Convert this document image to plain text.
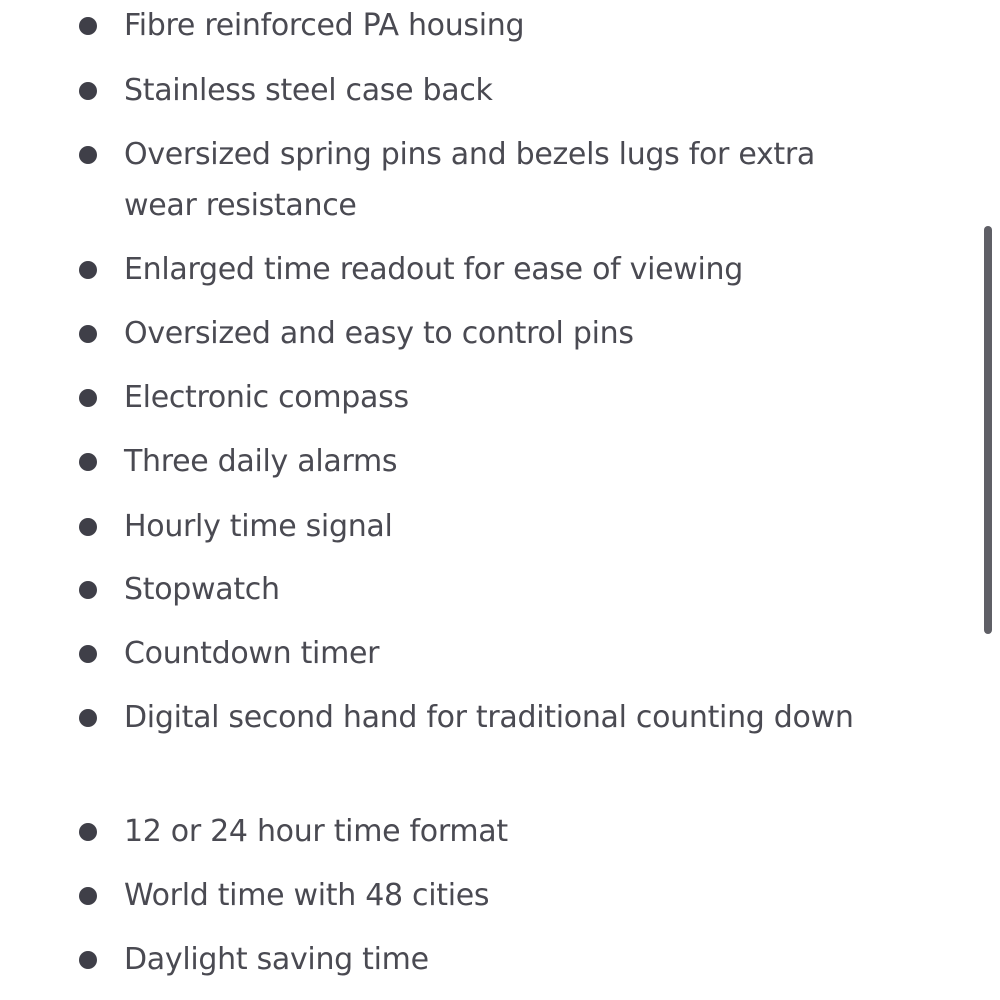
Fibre reinforced PA housing
Stainless steel case back
Oversized spring pins and bezels lugs for extra wear resistance
Enlarged time readout for ease of viewing
Oversized and easy to control pins
Electronic compass
Three daily alarms
Hourly time signal
Stopwatch
Countdown timer
Digital second hand for traditional counting down
12 or 24 hour time format
World time with 48 cities
Daylight saving time
